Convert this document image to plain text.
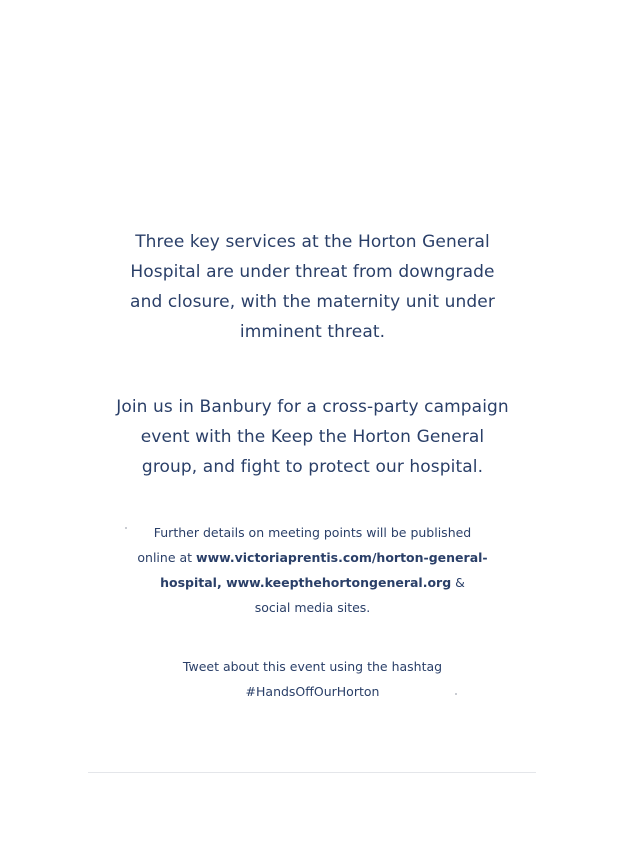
Three key services at the Horton General
Hospital are under threat from downgrade
and closure, with the maternity unit under
imminent threat.
Join us in Banbury for a cross-party campaign
event with the Keep the Horton General
group, and fight to protect our hospital.
Further details on meeting points will be published
online at www.victoriaprentis.com/horton-general-
hospital, www.keepthehortongeneral.org &
social media sites.
Tweet about this event using the hashtag
#HandsOffOurHorton
